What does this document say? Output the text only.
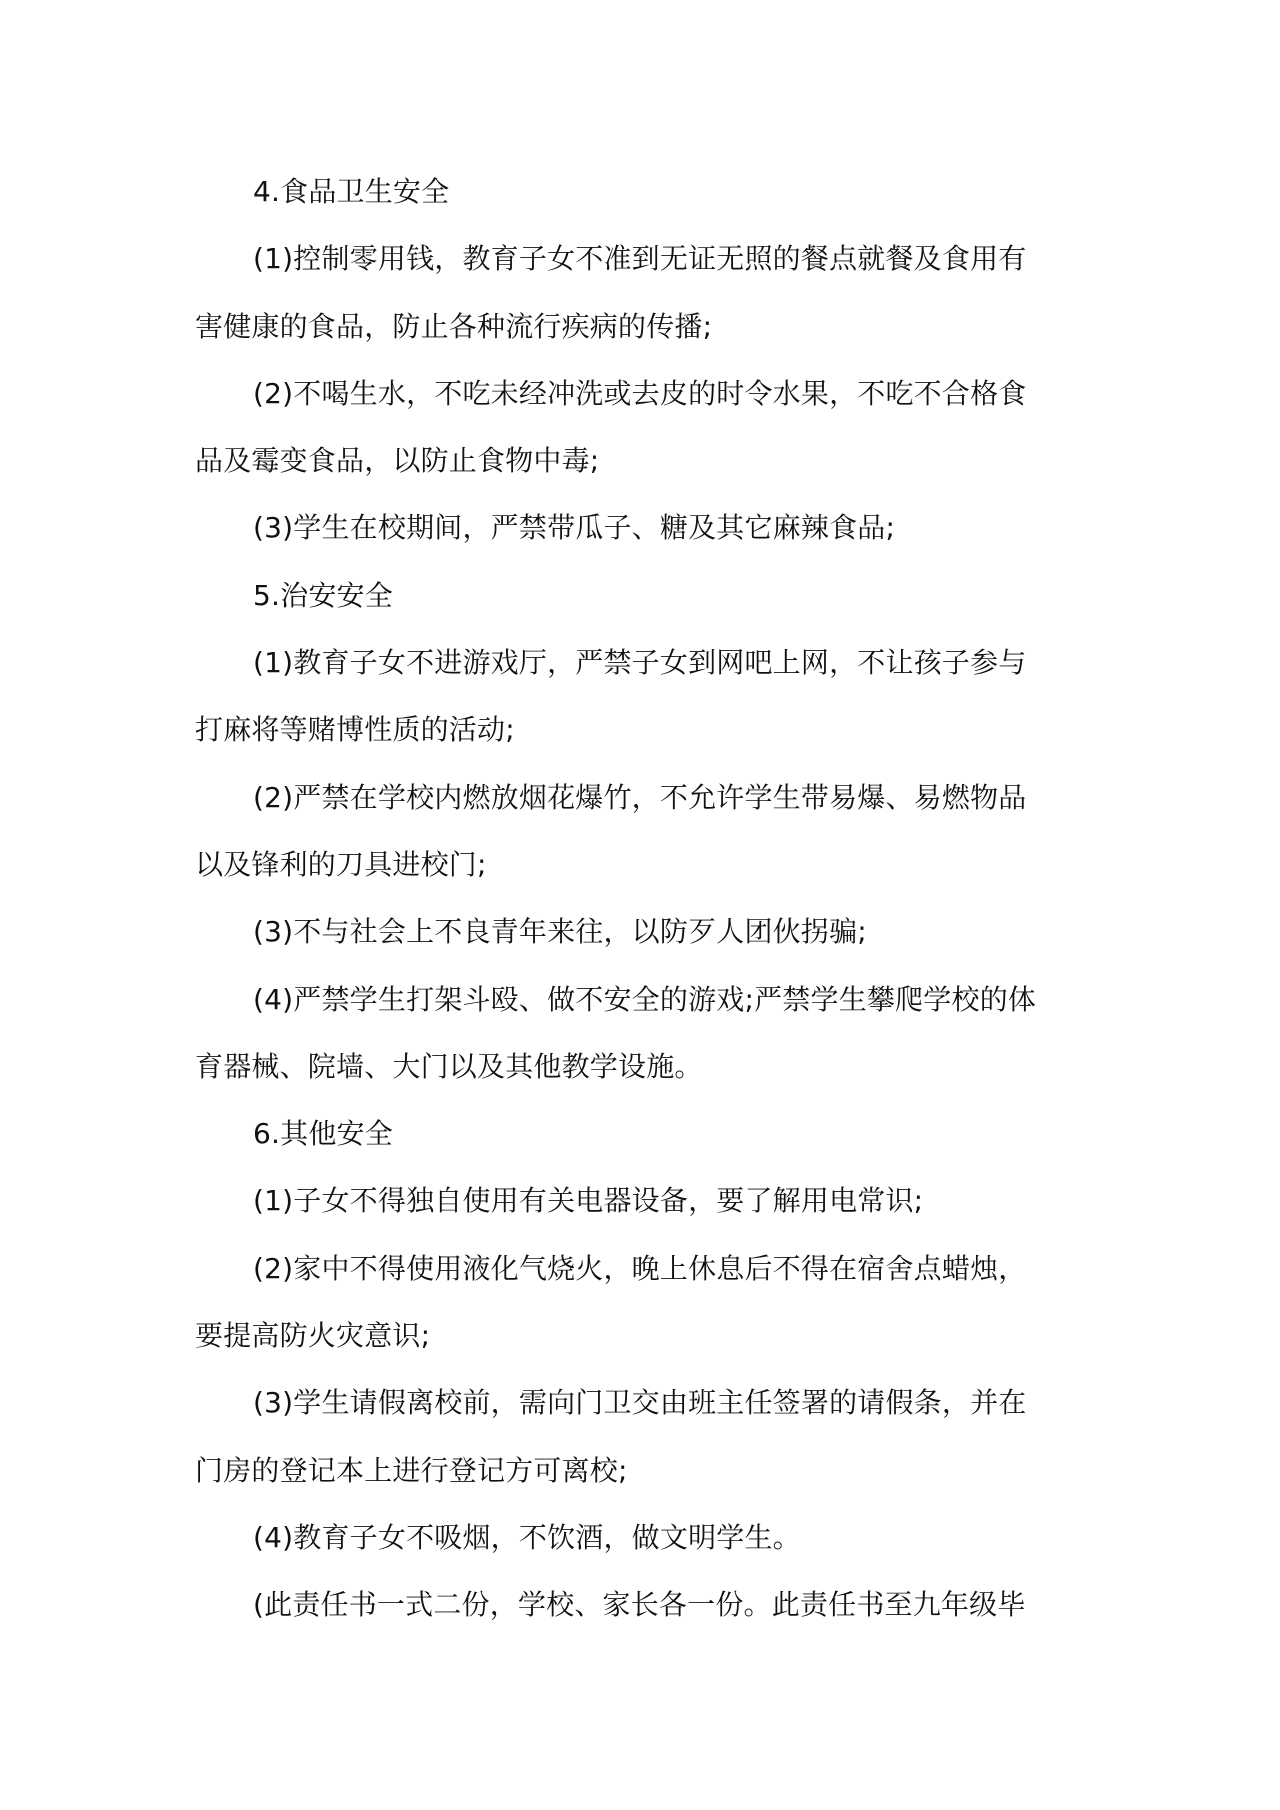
4.食品卫生安全

(1)控制零用钱，教育子女不准到无证无照的餐点就餐及食用有

害健康的食品，防止各种流行疾病的传播;

(2)不喝生水，不吃未经冲洗或去皮的时令水果，不吃不合格食

品及霉变食品，以防止食物中毒;

(3)学生在校期间，严禁带瓜子、糖及其它麻辣食品;

5.治安安全

(1)教育子女不进游戏厅，严禁子女到网吧上网，不让孩子参与

打麻将等赌博性质的活动;

(2)严禁在学校内燃放烟花爆竹，不允许学生带易爆、易燃物品

以及锋利的刀具进校门;

(3)不与社会上不良青年来往，以防歹人团伙拐骗;

(4)严禁学生打架斗殴、做不安全的游戏;严禁学生攀爬学校的体

育器械、院墙、大门以及其他教学设施。

6.其他安全

(1)子女不得独自使用有关电器设备，要了解用电常识;

(2)家中不得使用液化气烧火，晚上休息后不得在宿舍点蜡烛，

要提高防火灾意识;

(3)学生请假离校前，需向门卫交由班主任签署的请假条，并在

门房的登记本上进行登记方可离校;

(4)教育子女不吸烟，不饮酒，做文明学生。

(此责任书一式二份，学校、家长各一份。此责任书至九年级毕
